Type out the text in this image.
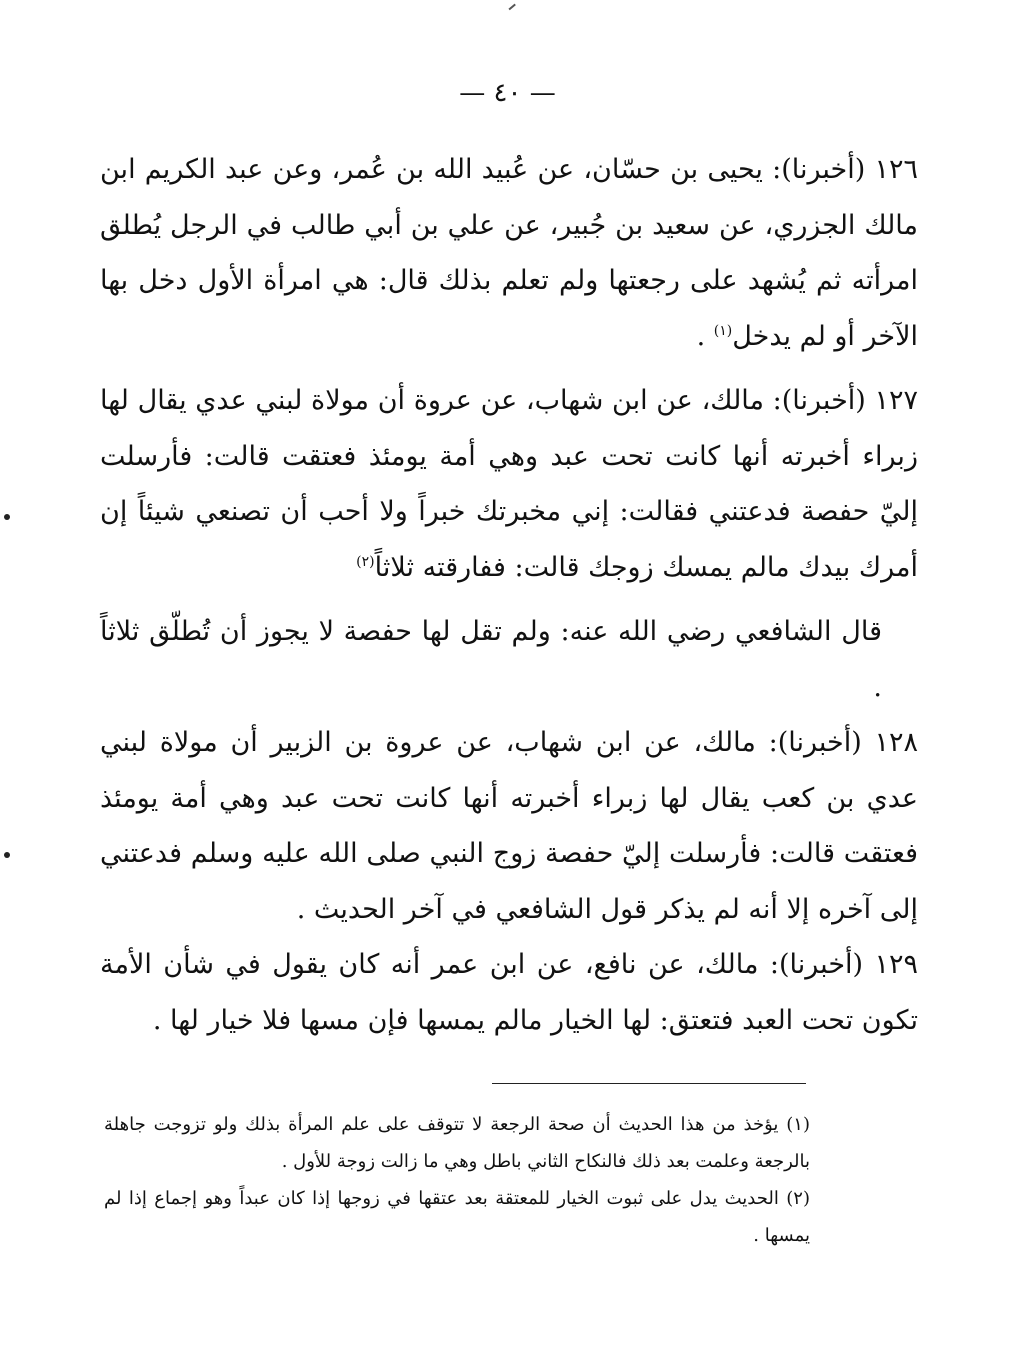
— ٤٠ —

١٢٦ (أخبرنا): يحيى بن حسّان، عن عُبيد الله بن عُمر، وعن عبد الكريم ابن مالك الجزري، عن سعيد بن جُبير، عن علي بن أبي طالب في الرجل يُطلق امرأته ثم يُشهد على رجعتها ولم تعلم بذلك قال: هي امرأة الأول دخل بها الآخر أو لم يدخل$^{(١)}$ .

١٢٧ (أخبرنا): مالك، عن ابن شهاب، عن عروة أن مولاة لبني عدي يقال لها زبراء أخبرته أنها كانت تحت عبد وهي أمة يومئذ فعتقت قالت: فأرسلت إليّ حفصة فدعتني فقالت: إني مخبرتك خبراً ولا أحب أن تصنعي شيئاً إن أمرك بيدك مالم يمسك زوجك قالت: ففارقته ثلاثاً$^{(٢)}$

قال الشافعي رضي الله عنه: ولم تقل لها حفصة لا يجوز أن تُطلّق ثلاثاً .

١٢٨ (أخبرنا): مالك، عن ابن شهاب، عن عروة بن الزبير أن مولاة لبني عدي بن كعب يقال لها زبراء أخبرته أنها كانت تحت عبد وهي أمة يومئذ فعتقت قالت: فأرسلت إليّ حفصة زوج النبي صلى الله عليه وسلم فدعتني إلى آخره إلا أنه لم يذكر قول الشافعي في آخر الحديث .

١٢٩ (أخبرنا): مالك، عن نافع، عن ابن عمر أنه كان يقول في شأن الأمة تكون تحت العبد فتعتق: لها الخيار مالم يمسها فإن مسها فلا خيار لها .

(١) يؤخذ من هذا الحديث أن صحة الرجعة لا تتوقف على علم المرأة بذلك ولو تزوجت جاهلة بالرجعة وعلمت بعد ذلك فالنكاح الثاني باطل وهي ما زالت زوجة للأول .

(٢) الحديث يدل على ثبوت الخيار للمعتقة بعد عتقها في زوجها إذا كان عبداً وهو إجماع إذا لم يمسها .
